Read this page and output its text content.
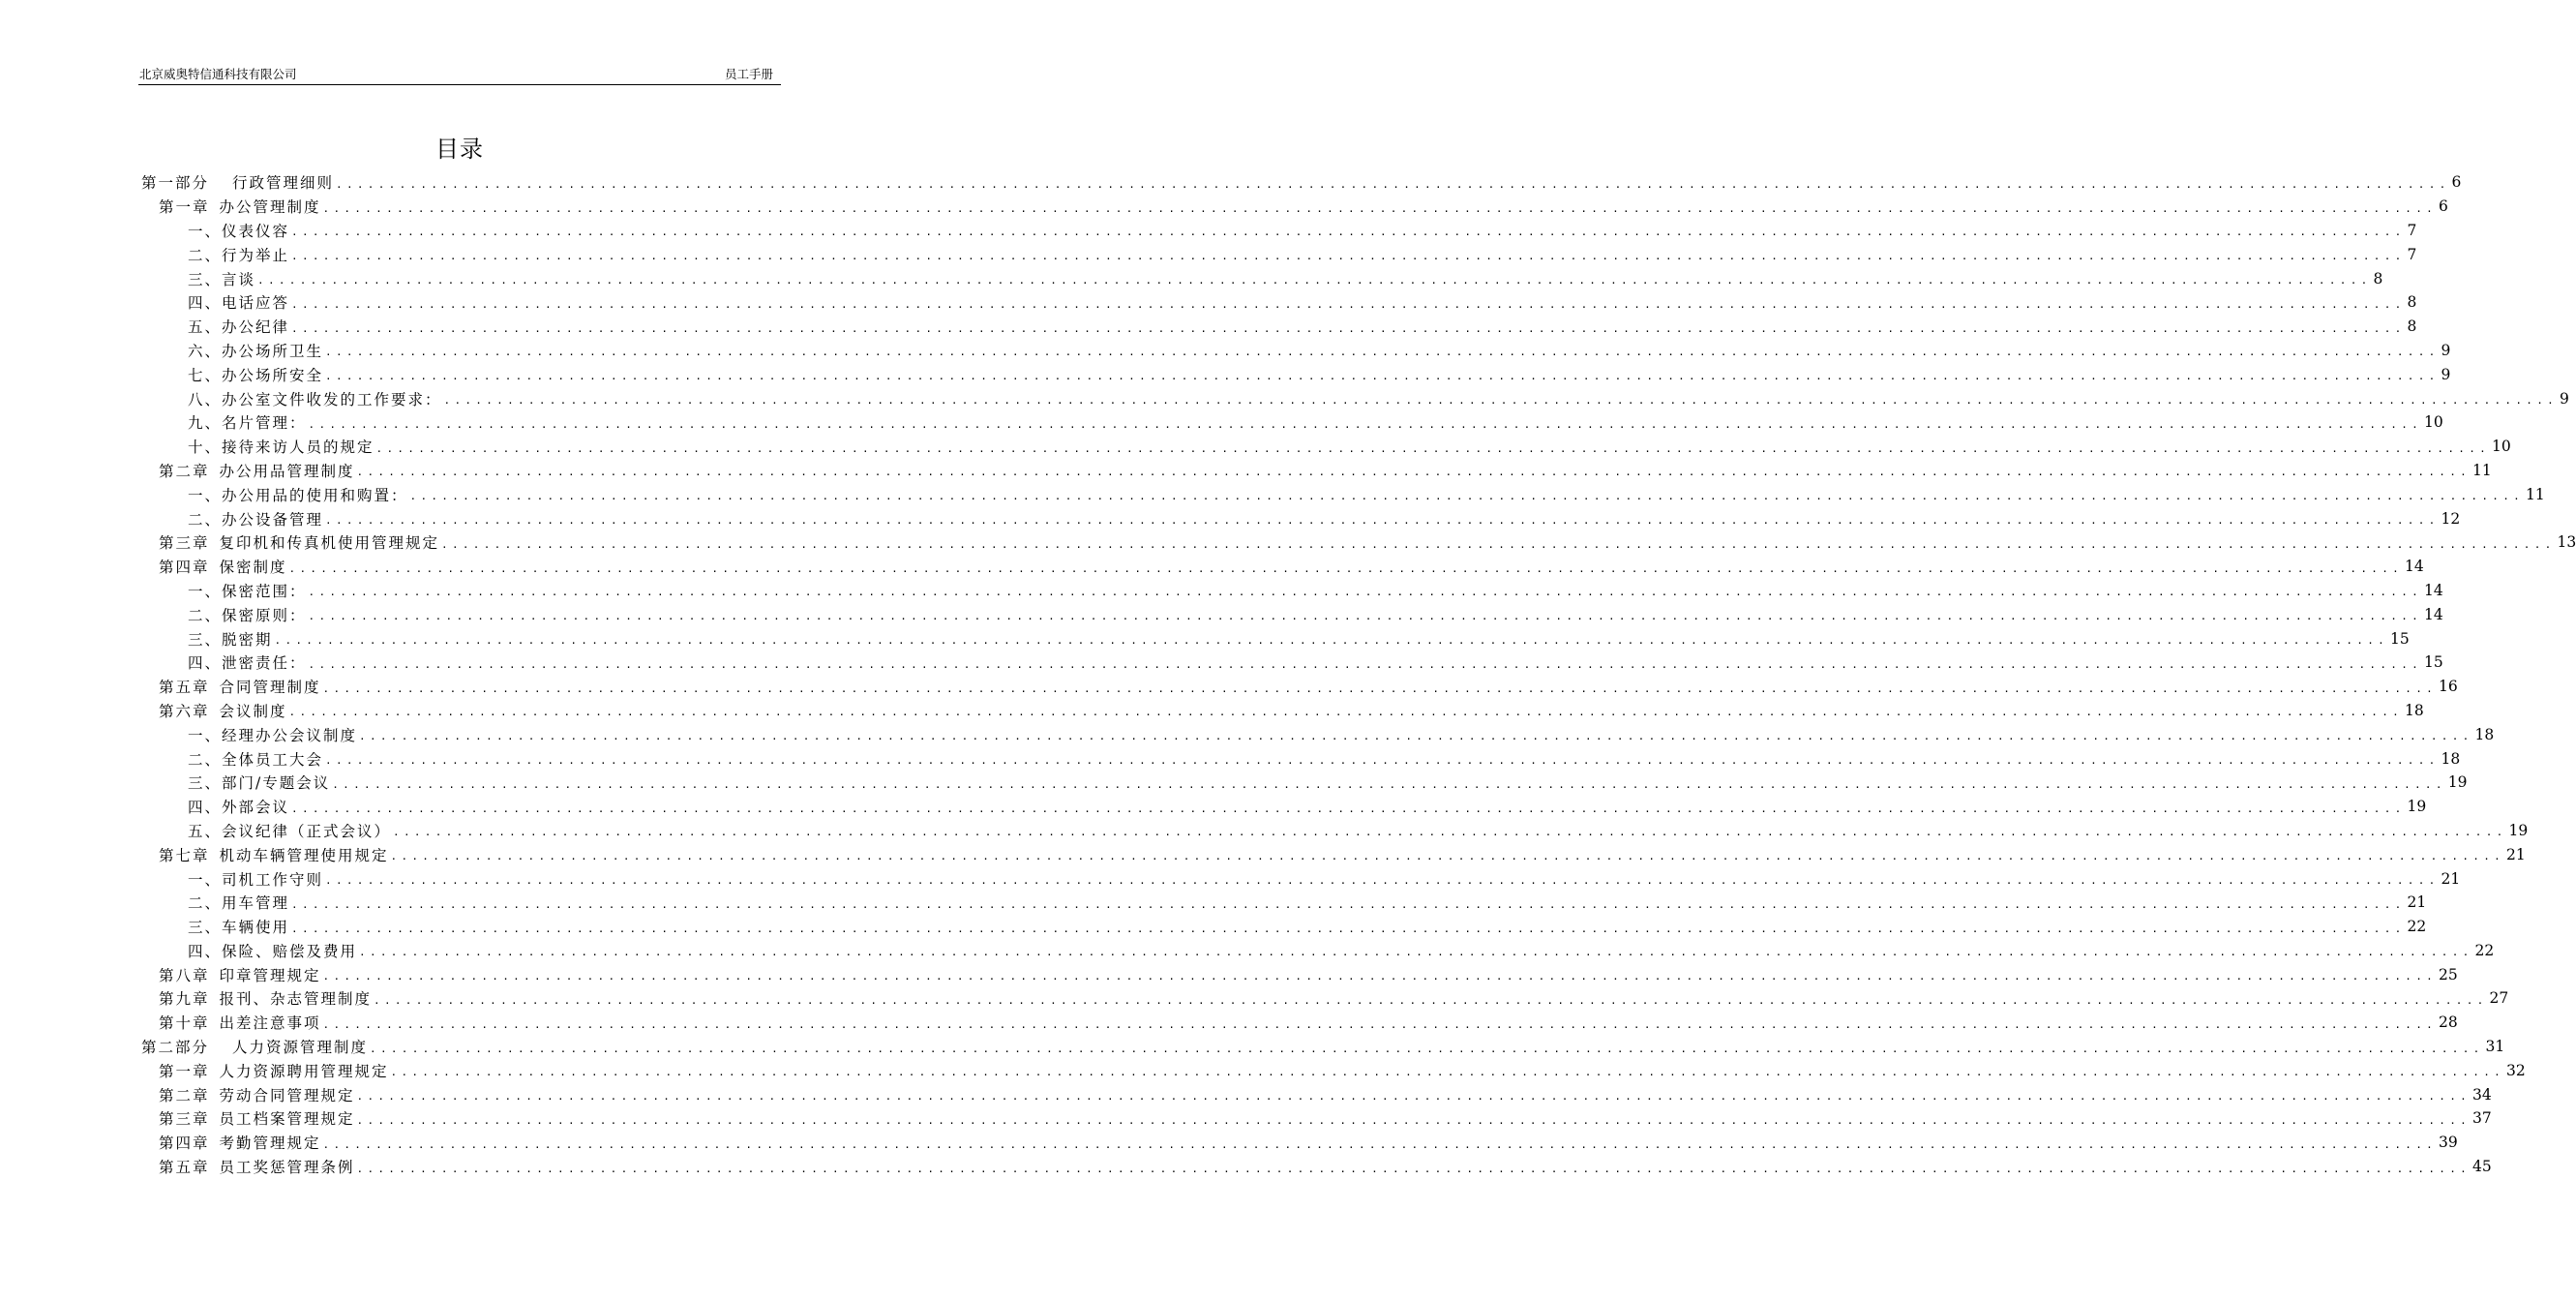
北京威奥特信通科技有限公司	员工手册
目录
第一部分 行政管理细则 ........................................................................................................................................................................................................ 6
第一章 办公管理制度 ........................................................................................................................................................................................................ 6
一、仪表仪容 ........................................................................................................................................................................................................ 7
二、行为举止 ........................................................................................................................................................................................................ 7
三、言谈 ........................................................................................................................................................................................................ 8
四、电话应答 ........................................................................................................................................................................................................ 8
五、办公纪律 ........................................................................................................................................................................................................ 8
六、办公场所卫生 ........................................................................................................................................................................................................ 9
七、办公场所安全 ........................................................................................................................................................................................................ 9
八、办公室文件收发的工作要求： ........................................................................................................................................................................................................ 9
九、名片管理： ........................................................................................................................................................................................................ 10
十、接待来访人员的规定 ........................................................................................................................................................................................................ 10
第二章 办公用品管理制度 ........................................................................................................................................................................................................ 11
一、办公用品的使用和购置： ........................................................................................................................................................................................................ 11
二、办公设备管理 ........................................................................................................................................................................................................ 12
第三章 复印机和传真机使用管理规定 ........................................................................................................................................................................................................ 13
第四章 保密制度 ........................................................................................................................................................................................................ 14
一、保密范围： ........................................................................................................................................................................................................ 14
二、保密原则： ........................................................................................................................................................................................................ 14
三、脱密期 ........................................................................................................................................................................................................ 15
四、泄密责任： ........................................................................................................................................................................................................ 15
第五章 合同管理制度 ........................................................................................................................................................................................................ 16
第六章 会议制度 ........................................................................................................................................................................................................ 18
一、经理办公会议制度 ........................................................................................................................................................................................................ 18
二、全体员工大会 ........................................................................................................................................................................................................ 18
三、部门/专题会议 ........................................................................................................................................................................................................ 19
四、外部会议 ........................................................................................................................................................................................................ 19
五、会议纪律（正式会议） ........................................................................................................................................................................................................ 19
第七章 机动车辆管理使用规定 ........................................................................................................................................................................................................ 21
一、司机工作守则 ........................................................................................................................................................................................................ 21
二、用车管理 ........................................................................................................................................................................................................ 21
三、车辆使用 ........................................................................................................................................................................................................ 22
四、保险、赔偿及费用 ........................................................................................................................................................................................................ 22
第八章 印章管理规定 ........................................................................................................................................................................................................ 25
第九章 报刊、杂志管理制度 ........................................................................................................................................................................................................ 27
第十章 出差注意事项 ........................................................................................................................................................................................................ 28
第二部分 人力资源管理制度 ........................................................................................................................................................................................................ 31
第一章 人力资源聘用管理规定 ........................................................................................................................................................................................................ 32
第二章 劳动合同管理规定 ........................................................................................................................................................................................................ 34
第三章 员工档案管理规定 ........................................................................................................................................................................................................ 37
第四章 考勤管理规定 ........................................................................................................................................................................................................ 39
第五章 员工奖惩管理条例 ........................................................................................................................................................................................................ 45
